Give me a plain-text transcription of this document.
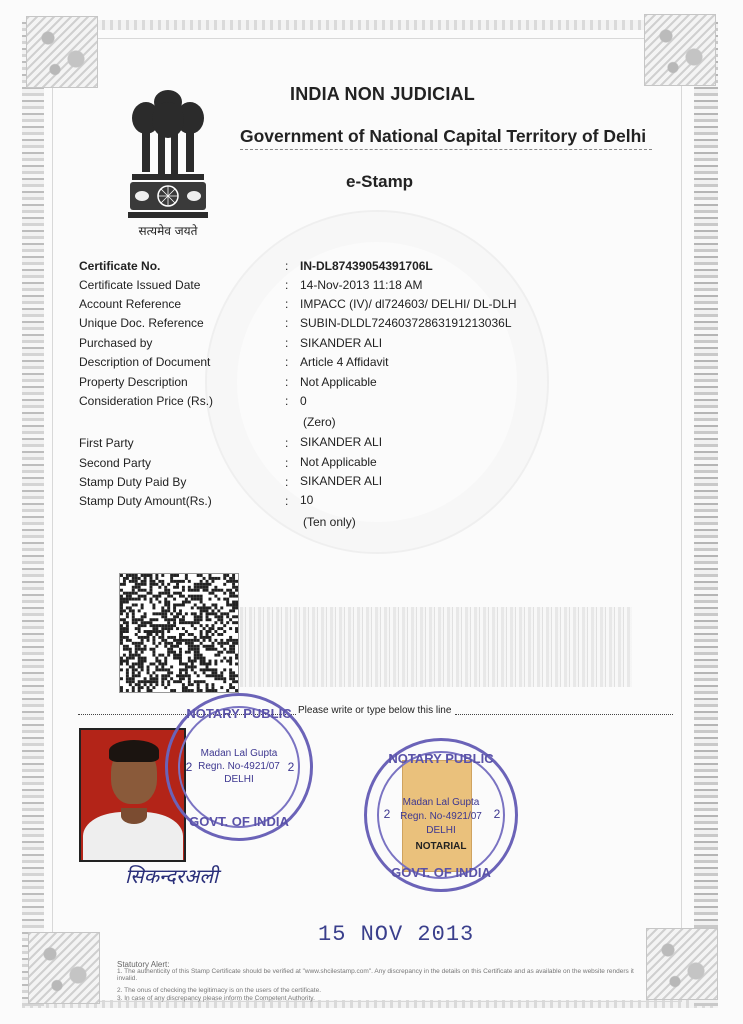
सत्यमेव जयते
INDIA NON JUDICIAL
Government of National Capital Territory of Delhi
e-Stamp
Certificate No.	: IN-DL87439054391706L
Certificate Issued Date	: 14-Nov-2013 11:18 AM
Account Reference	: IMPACC (IV)/ dl724603/ DELHI/ DL-DLH
Unique Doc. Reference	: SUBIN-DLDL72460372863191213036L
Purchased by	: SIKANDER ALI
Description of Document	: Article 4 Affidavit
Property Description	: Not Applicable
Consideration Price (Rs.)	: 0
(Zero)
First Party	: SIKANDER ALI
Second Party	: Not Applicable
Stamp Duty Paid By	: SIKANDER ALI
Stamp Duty Amount(Rs.)	: 10
(Ten only)
Please write or type below this line
NOTARY PUBLIC
Madan Lal Gupta
Regn. No-4921/07
DELHI
2	2
GOVT. OF INDIA
सिकन्दरअली
NOTARY PUBLIC
Madan Lal Gupta
Regn. No-4921/07
DELHI
NOTARIAL
2	2
GOVT. OF INDIA
15 NOV 2013
Statutory Alert:
1. The authenticity of this Stamp Certificate should be verified at "www.shcilestamp.com". Any discrepancy in the details on this Certificate and as available on the website renders it invalid.
2. The onus of checking the legitimacy is on the users of the certificate.
3. In case of any discrepancy please inform the Competent Authority.
